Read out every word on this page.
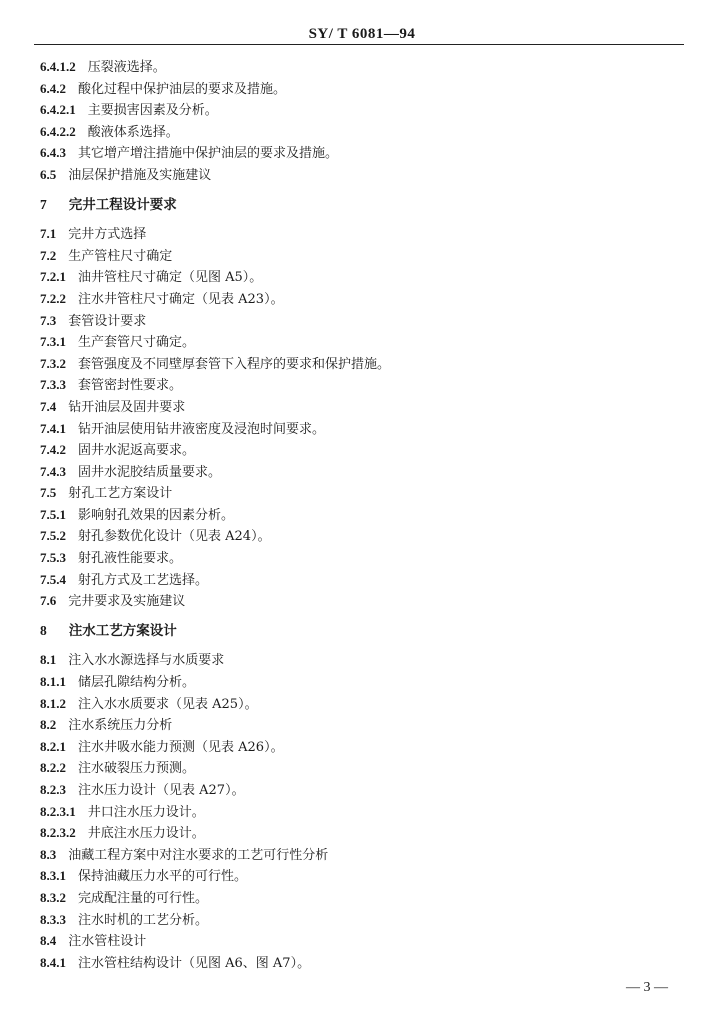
SY/ T 6081—94
6.4.1.2 压裂液选择。
6.4.2 酸化过程中保护油层的要求及措施。
6.4.2.1 主要损害因素及分析。
6.4.2.2 酸液体系选择。
6.4.3 其它增产增注措施中保护油层的要求及措施。
6.5 油层保护措施及实施建议
7 完井工程设计要求
7.1 完井方式选择
7.2 生产管柱尺寸确定
7.2.1 油井管柱尺寸确定（见图 A5）。
7.2.2 注水井管柱尺寸确定（见表 A23）。
7.3 套管设计要求
7.3.1 生产套管尺寸确定。
7.3.2 套管强度及不同壁厚套管下入程序的要求和保护措施。
7.3.3 套管密封性要求。
7.4 钻开油层及固井要求
7.4.1 钻开油层使用钻井液密度及浸泡时间要求。
7.4.2 固井水泥返高要求。
7.4.3 固井水泥胶结质量要求。
7.5 射孔工艺方案设计
7.5.1 影响射孔效果的因素分析。
7.5.2 射孔参数优化设计（见表 A24）。
7.5.3 射孔液性能要求。
7.5.4 射孔方式及工艺选择。
7.6 完井要求及实施建议
8 注水工艺方案设计
8.1 注入水水源选择与水质要求
8.1.1 储层孔隙结构分析。
8.1.2 注入水水质要求（见表 A25）。
8.2 注水系统压力分析
8.2.1 注水井吸水能力预测（见表 A26）。
8.2.2 注水破裂压力预测。
8.2.3 注水压力设计（见表 A27）。
8.2.3.1 井口注水压力设计。
8.2.3.2 井底注水压力设计。
8.3 油藏工程方案中对注水要求的工艺可行性分析
8.3.1 保持油藏压力水平的可行性。
8.3.2 完成配注量的可行性。
8.3.3 注水时机的工艺分析。
8.4 注水管柱设计
8.4.1 注水管柱结构设计（见图 A6、图 A7）。
— 3 —
